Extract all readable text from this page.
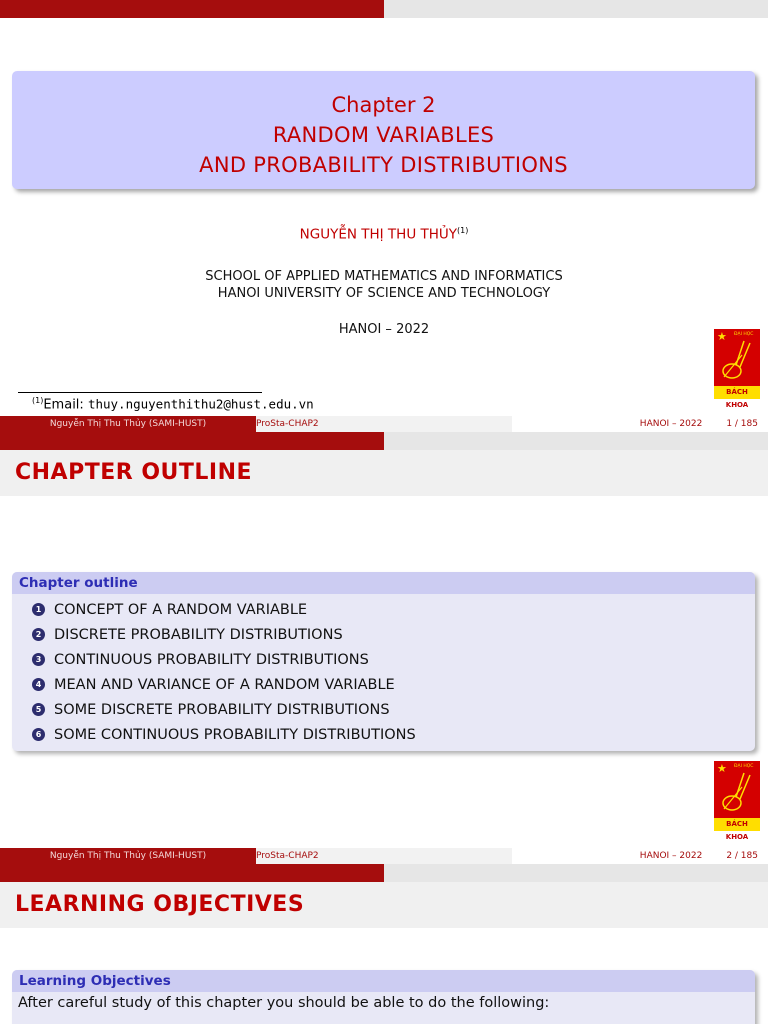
Chapter 2
RANDOM VARIABLES
AND PROBABILITY DISTRIBUTIONS
NGUYỄN THỊ THU THỦY$^{(1)}$
SCHOOL OF APPLIED MATHEMATICS AND INFORMATICS
HANOI UNIVERSITY OF SCIENCE AND TECHNOLOGY
HANOI – 2022	★ ĐẠI HỌC
BÁCH KHOA
$^{(1)}$Email: thuy.nguyenthithu2@hust.edu.vn
Nguyễn Thị Thu Thủy (SAMI-HUST)	ProSta-CHAP2	HANOI – 2022	1 / 185
CHAPTER OUTLINE
Chapter outline
1 CONCEPT OF A RANDOM VARIABLE
2 DISCRETE PROBABILITY DISTRIBUTIONS
3 CONTINUOUS PROBABILITY DISTRIBUTIONS
4 MEAN AND VARIANCE OF A RANDOM VARIABLE
5 SOME DISCRETE PROBABILITY DISTRIBUTIONS
6 SOME CONTINUOUS PROBABILITY DISTRIBUTIONS
★ ĐẠI HỌC
BÁCH KHOA
Nguyễn Thị Thu Thủy (SAMI-HUST)	ProSta-CHAP2	HANOI – 2022	2 / 185
LEARNING OBJECTIVES
Learning Objectives
After careful study of this chapter you should be able to do the following:
